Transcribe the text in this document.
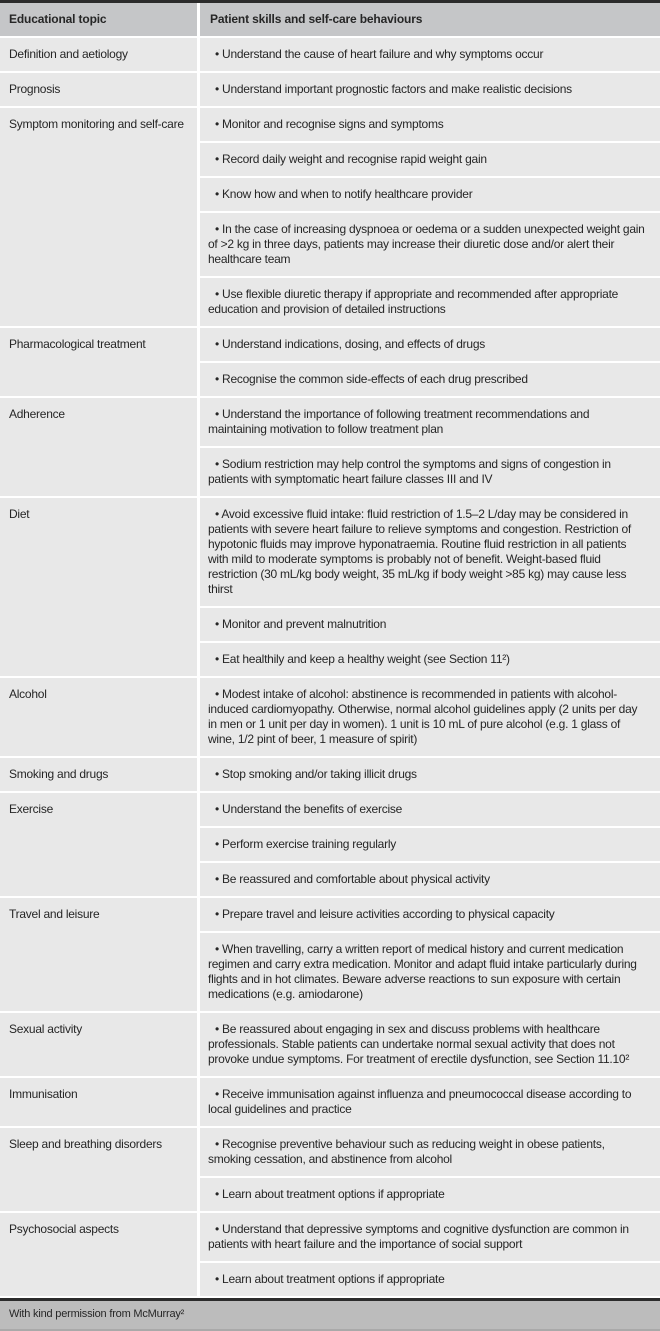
Educational topic	Patient skills and self-care behaviours
Definition and aetiology	• Understand the cause of heart failure and why symptoms occur
Prognosis	• Understand important prognostic factors and make realistic decisions
Symptom monitoring and self-care	• Monitor and recognise signs and symptoms
• Record daily weight and recognise rapid weight gain
• Know how and when to notify healthcare provider
• In the case of increasing dyspnoea or oedema or a sudden unexpected weight gain of >2 kg in three days, patients may increase their diuretic dose and/or alert their healthcare team
• Use flexible diuretic therapy if appropriate and recommended after appropriate education and provision of detailed instructions
Pharmacological treatment	• Understand indications, dosing, and effects of drugs
• Recognise the common side-effects of each drug prescribed
Adherence	• Understand the importance of following treatment recommendations and maintaining motivation to follow treatment plan
• Sodium restriction may help control the symptoms and signs of congestion in patients with symptomatic heart failure classes III and IV
Diet	• Avoid excessive fluid intake: fluid restriction of 1.5–2 L/day may be considered in patients with severe heart failure to relieve symptoms and congestion. Restriction of hypotonic fluids may improve hyponatraemia. Routine fluid restriction in all patients with mild to moderate symptoms is probably not of benefit. Weight-based fluid restriction (30 mL/kg body weight, 35 mL/kg if body weight >85 kg) may cause less thirst
• Monitor and prevent malnutrition
• Eat healthily and keep a healthy weight (see Section 11²)
Alcohol	• Modest intake of alcohol: abstinence is recommended in patients with alcohol-induced cardiomyopathy. Otherwise, normal alcohol guidelines apply (2 units per day in men or 1 unit per day in women). 1 unit is 10 mL of pure alcohol (e.g. 1 glass of wine, 1/2 pint of beer, 1 measure of spirit)
Smoking and drugs	• Stop smoking and/or taking illicit drugs
Exercise	• Understand the benefits of exercise
• Perform exercise training regularly
• Be reassured and comfortable about physical activity
Travel and leisure	• Prepare travel and leisure activities according to physical capacity
• When travelling, carry a written report of medical history and current medication regimen and carry extra medication. Monitor and adapt fluid intake particularly during flights and in hot climates. Beware adverse reactions to sun exposure with certain medications (e.g. amiodarone)
Sexual activity	• Be reassured about engaging in sex and discuss problems with healthcare professionals. Stable patients can undertake normal sexual activity that does not provoke undue symptoms. For treatment of erectile dysfunction, see Section 11.10²
Immunisation	• Receive immunisation against influenza and pneumococcal disease according to local guidelines and practice
Sleep and breathing disorders	• Recognise preventive behaviour such as reducing weight in obese patients, smoking cessation, and abstinence from alcohol
• Learn about treatment options if appropriate
Psychosocial aspects	• Understand that depressive symptoms and cognitive dysfunction are common in patients with heart failure and the importance of social support
• Learn about treatment options if appropriate
With kind permission from McMurray²
